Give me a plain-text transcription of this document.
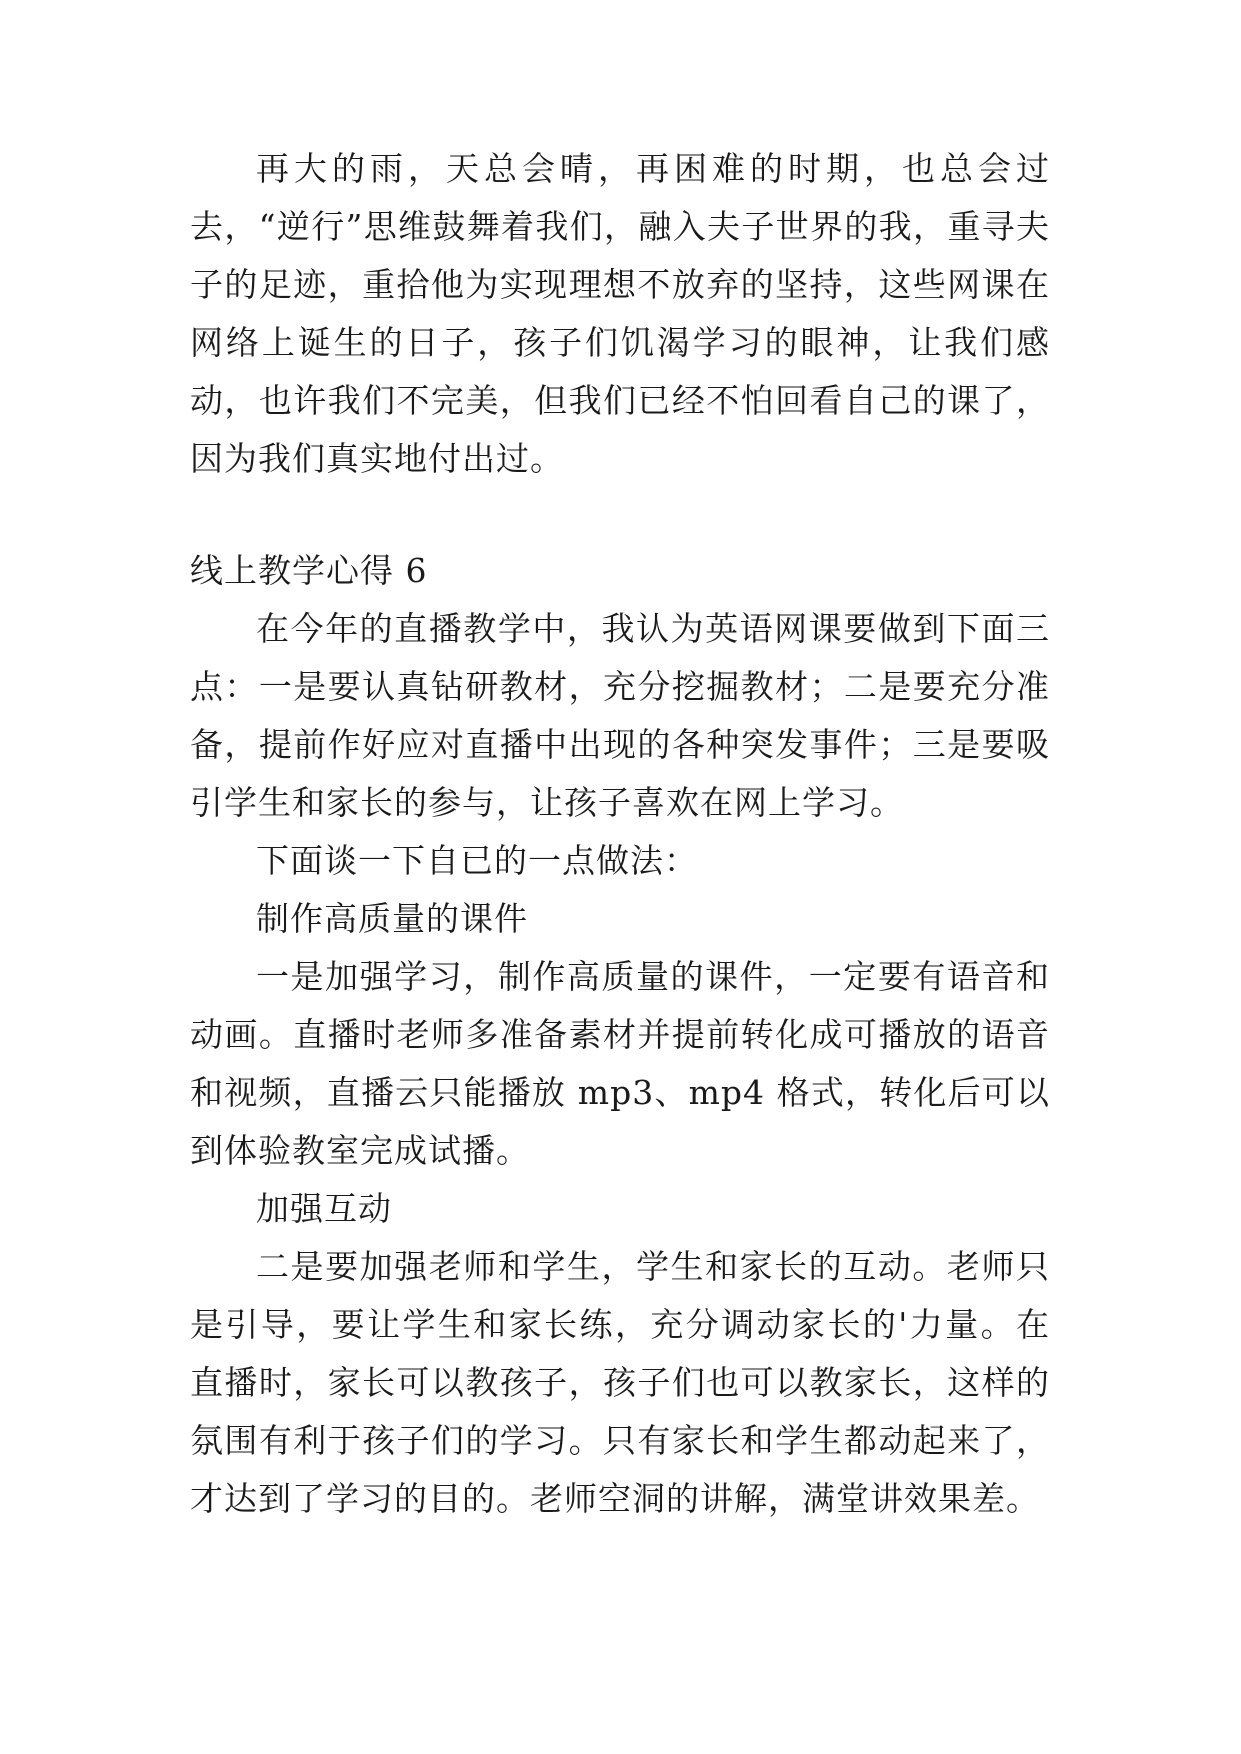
再大的雨，天总会晴，再困难的时期，也总会过去，“逆行”思维鼓舞着我们，融入夫子世界的我，重寻夫子的足迹，重拾他为实现理想不放弃的坚持，这些网课在网络上诞生的日子，孩子们饥渴学习的眼神，让我们感动，也许我们不完美，但我们已经不怕回看自己的课了，因为我们真实地付出过。

线上教学心得 6

在今年的直播教学中，我认为英语网课要做到下面三点：一是要认真钻研教材，充分挖掘教材；二是要充分准备，提前作好应对直播中出现的各种突发事件；三是要吸引学生和家长的参与，让孩子喜欢在网上学习。

下面谈一下自已的一点做法：

制作高质量的课件

一是加强学习，制作高质量的课件，一定要有语音和动画。直播时老师多准备素材并提前转化成可播放的语音和视频，直播云只能播放 mp3、mp4 格式，转化后可以到体验教室完成试播。

加强互动

二是要加强老师和学生，学生和家长的互动。老师只是引导，要让学生和家长练，充分调动家长的'力量。在直播时，家长可以教孩子，孩子们也可以教家长，这样的氛围有利于孩子们的学习。只有家长和学生都动起来了，才达到了学习的目的。老师空洞的讲解，满堂讲效果差。
